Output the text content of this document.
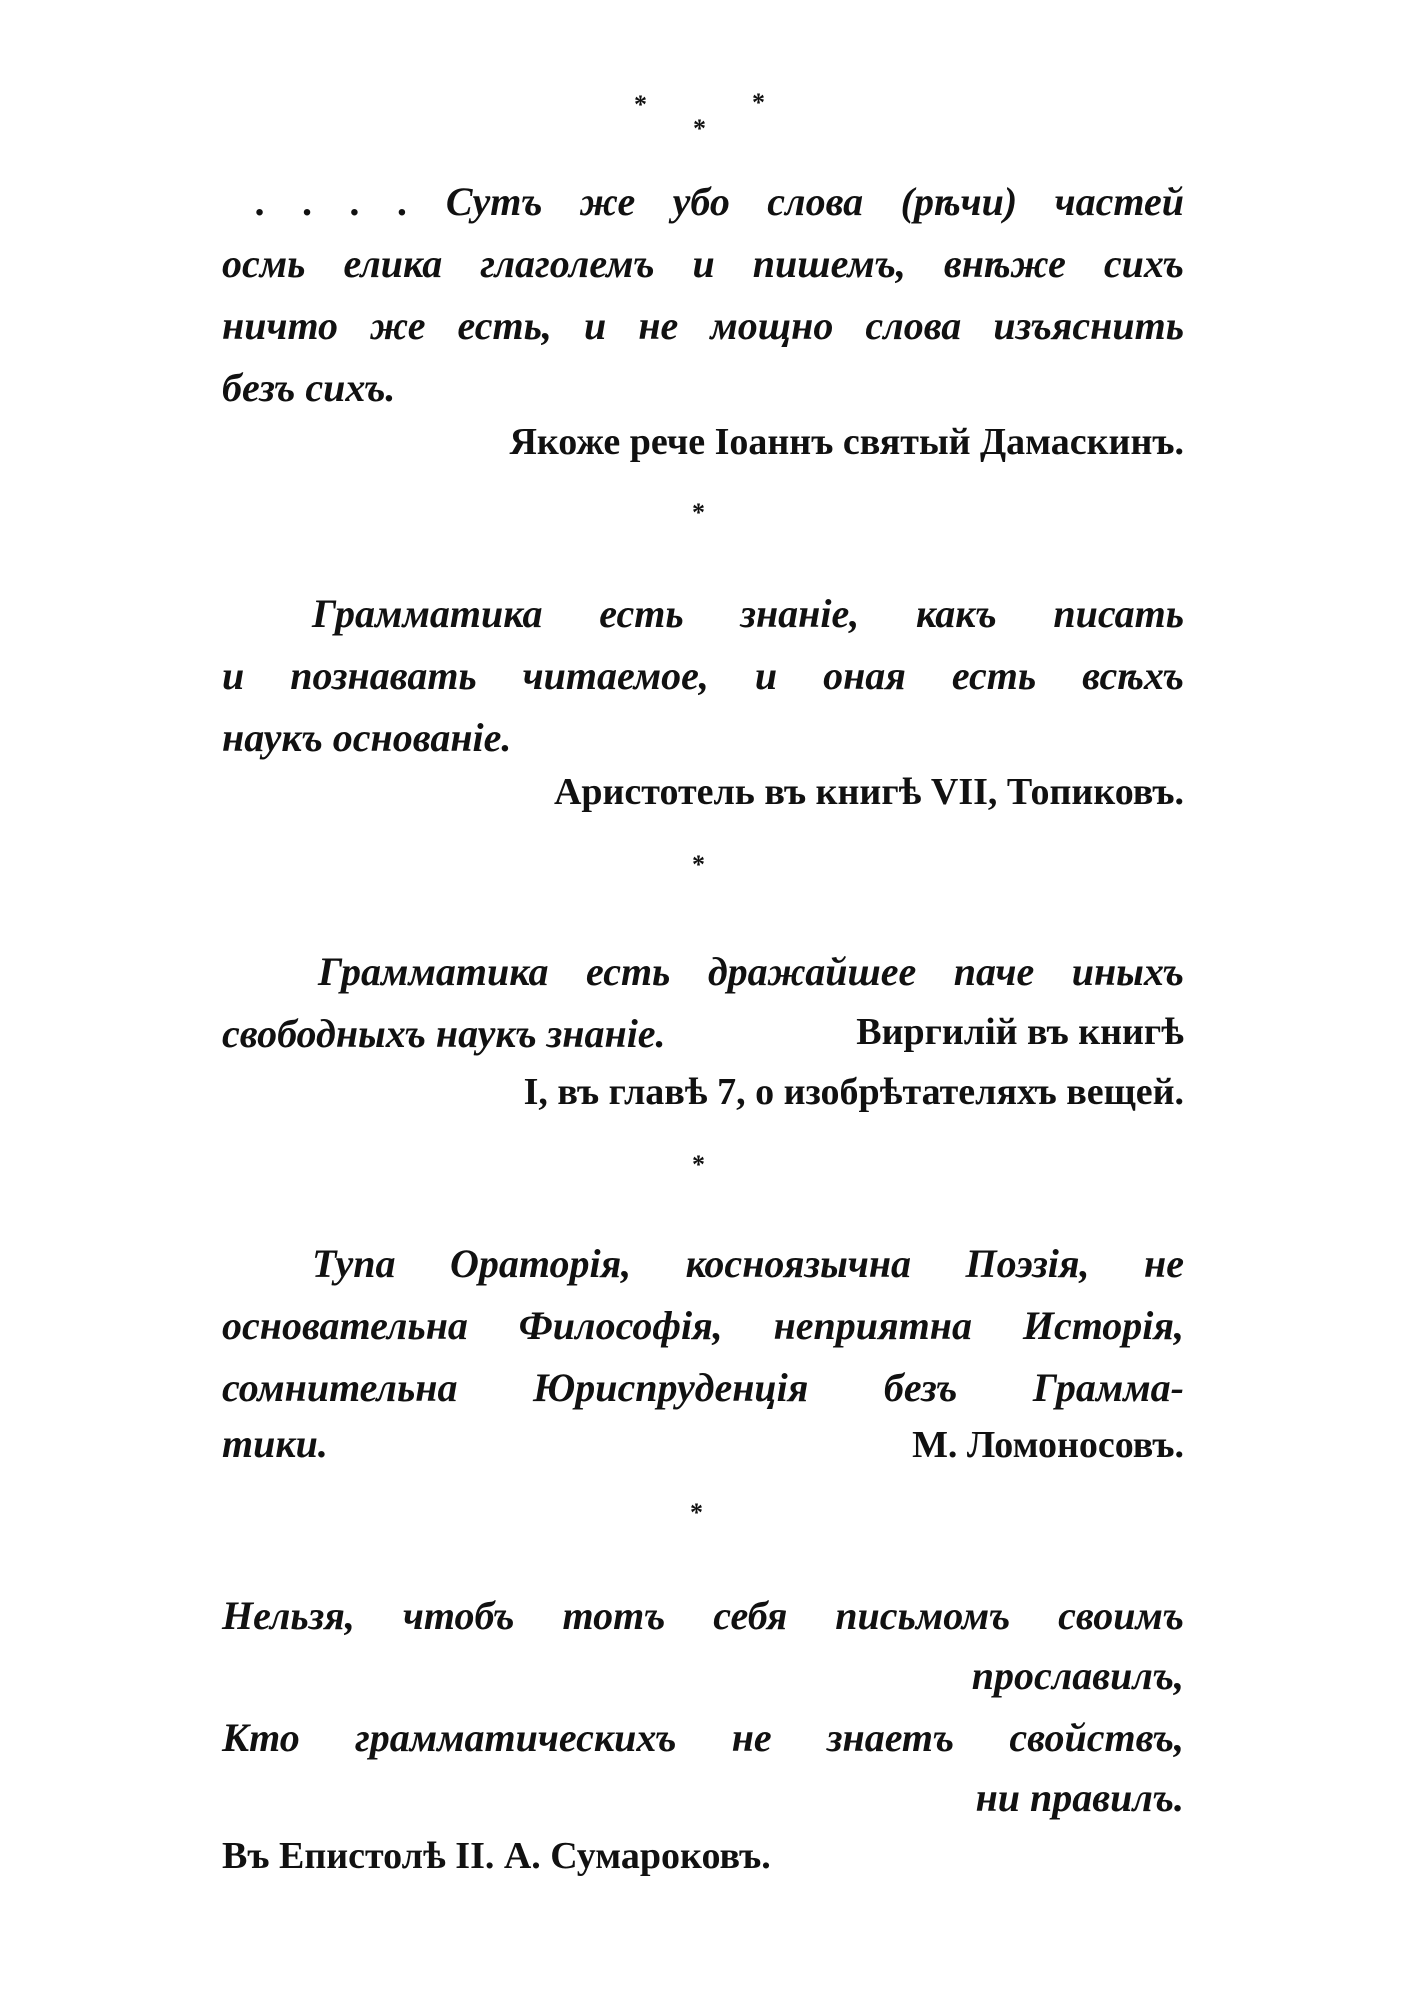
*	*
*
. . . . Сутъ же убо слова (рѣчи) частей
осмь елика глаголемъ и пишемъ, внѣже сихъ
ничто же есть, и не мощно слова изъяснить
безъ сихъ.
Якоже рече Іоаннъ святый Дамаскинъ.
*
Грамматика есть знаніе, какъ писать
и познавать читаемое, и оная есть всѣхъ
наукъ основаніе.
Аристотель въ книгѣ VII, Топиковъ.
*
Грамматика есть дражайшее паче иныхъ
свободныхъ наукъ знаніе.	Виргилій въ книгѣ
I, въ главѣ 7, о изобрѣтателяхъ вещей.
*
Тупа Ораторія, косноязычна Поэзія, не
основательна Философія, неприятна Исторія,
сомнительна Юриспруденція безъ Грамма-
тики.	М. Ломоносовъ.
*
Нельзя, чтобъ тотъ себя письмомъ своимъ
прославилъ,
Кто грамматическихъ не знаетъ свойствъ,
ни правилъ.
Въ Епистолѣ II. А. Сумароковъ.
